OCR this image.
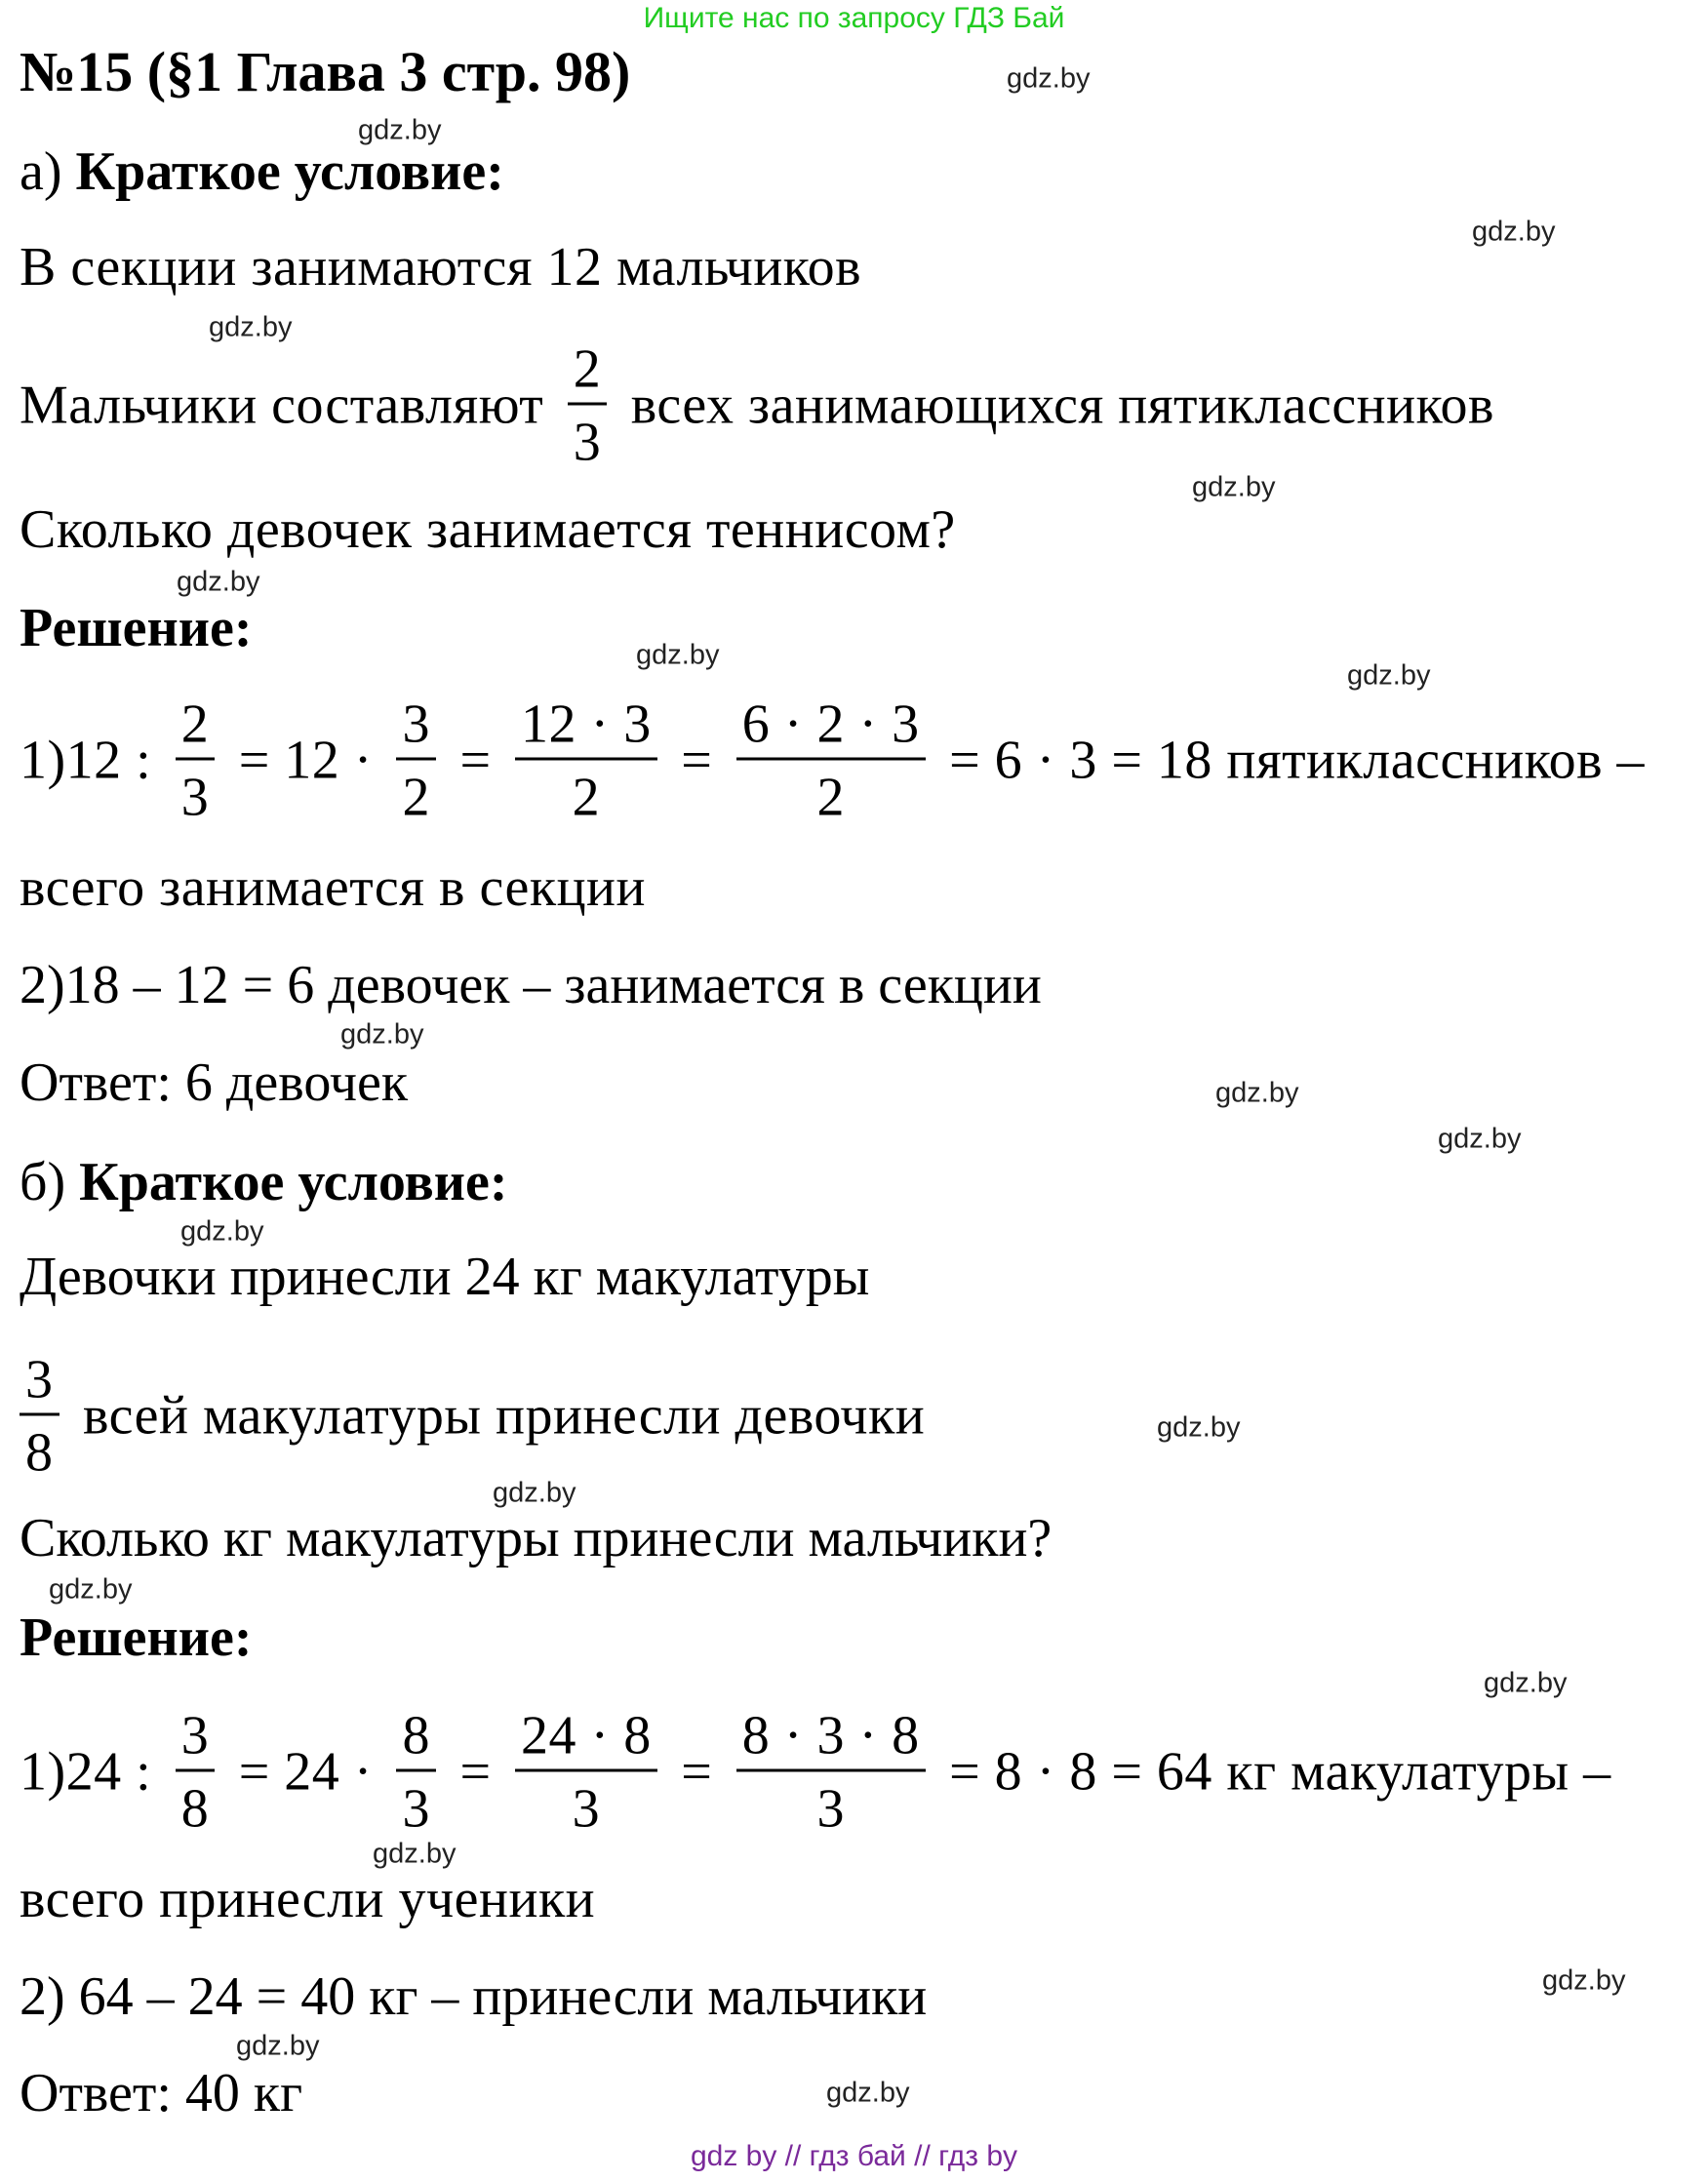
Ищите нас по запросу ГДЗ Бай
№15 (§1 Глава 3 стр. 98)
а) Краткое условие:
В секции занимаются 12 мальчиков
Мальчики составляют $\frac{2}{3}$ всех занимающихся пятиклассников
Сколько девочек занимается теннисом?
Решение:
1)12 : $\frac{2}{3} = 12 \cdot \frac{3}{2} = \frac{12 \cdot 3}{2} = \frac{6 \cdot 2 \cdot 3}{2} = 6 \cdot 3 = 18$ пятиклассников –
всего занимается в секции
2)18 – 12 = 6 девочек – занимается в секции
Ответ: 6 девочек
б) Краткое условие:
Девочки принесли 24 кг макулатуры
$\frac{3}{8}$ всей макулатуры принесли девочки
Сколько кг макулатуры принесли мальчики?
Решение:
1)24 : $\frac{3}{8} = 24 \cdot \frac{8}{3} = \frac{24 \cdot 8}{3} = \frac{8 \cdot 3 \cdot 8}{3} = 8 \cdot 8 = 64$ кг макулатуры –
всего принесли ученики
2) 64 – 24 = 40 кг – принесли мальчики
Ответ: 40 кг
gdz.by
gdz.by
gdz.by
gdz.by
gdz.by
gdz.by
gdz.by
gdz.by
gdz.by
gdz.by
gdz.by
gdz.by
gdz.by
gdz.by
gdz.by
gdz.by
gdz.by
gdz.by
gdz.by
gdz.by
gdz by // гдз бай // гдз by
